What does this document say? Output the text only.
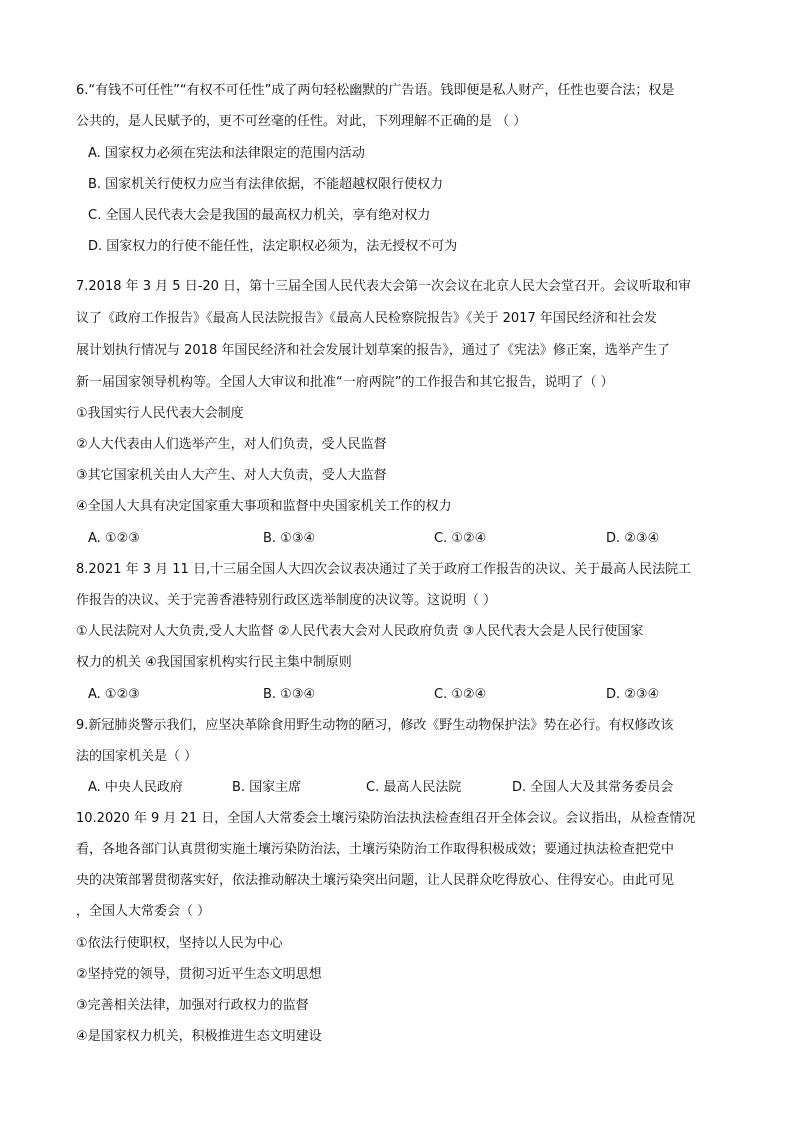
6.“有钱不可任性”“有权不可任性”成了两句轻松幽默的广告语。钱即便是私人财产，任性也要合法；权是
公共的，是人民赋予的，更不可丝毫的任性。对此，下列理解不正确的是 （ ）
A. 国家权力必须在宪法和法律限定的范围内活动
B. 国家机关行使权力应当有法律依据，不能超越权限行使权力
C. 全国人民代表大会是我国的最高权力机关，享有绝对权力
D. 国家权力的行使不能任性，法定职权必须为，法无授权不可为
7.2018 年 3 月 5 日-20 日，第十三届全国人民代表大会第一次会议在北京人民大会堂召开。会议听取和审
议了《政府工作报告》《最高人民法院报告》《最高人民检察院报告》《关于 2017 年国民经济和社会发
展计划执行情况与 2018 年国民经济和社会发展计划草案的报告》，通过了《宪法》修正案，选举产生了
新一届国家领导机构等。全国人大审议和批准“一府两院”的工作报告和其它报告，说明了（ ）
①我国实行人民代表大会制度
②人大代表由人们选举产生，对人们负责，受人民监督
③其它国家机关由人大产生、对人大负责，受人大监督
④全国人大具有决定国家重大事项和监督中央国家机关工作的权力
A. ①②③	B. ①③④	C. ①②④	D. ②③④
8.2021 年 3 月 11 日,十三届全国人大四次会议表决通过了关于政府工作报告的决议、关于最高人民法院工
作报告的决议、关于完善香港特别行政区选举制度的决议等。这说明（ ）
①人民法院对人大负责,受人大监督 ②人民代表大会对人民政府负责 ③人民代表大会是人民行使国家
权力的机关 ④我国国家机构实行民主集中制原则
A. ①②③	B. ①③④	C. ①②④	D. ②③④
9.新冠肺炎警示我们，应坚决革除食用野生动物的陋习，修改《野生动物保护法》势在必行。有权修改该
法的国家机关是（ ）
A. 中央人民政府	B. 国家主席	C. 最高人民法院	D. 全国人大及其常务委员会
10.2020 年 9 月 21 日，全国人大常委会土壤污染防治法执法检查组召开全体会议。会议指出，从检查情况
看，各地各部门认真贯彻实施土壤污染防治法，土壤污染防治工作取得积极成效；要通过执法检查把党中
央的决策部署贯彻落实好，依法推动解决土壤污染突出问题，让人民群众吃得放心、住得安心。由此可见
，全国人大常委会（ ）
①依法行使职权，坚持以人民为中心
②坚持党的领导，贯彻习近平生态文明思想
③完善相关法律，加强对行政权力的监督
④是国家权力机关，积极推进生态文明建设
